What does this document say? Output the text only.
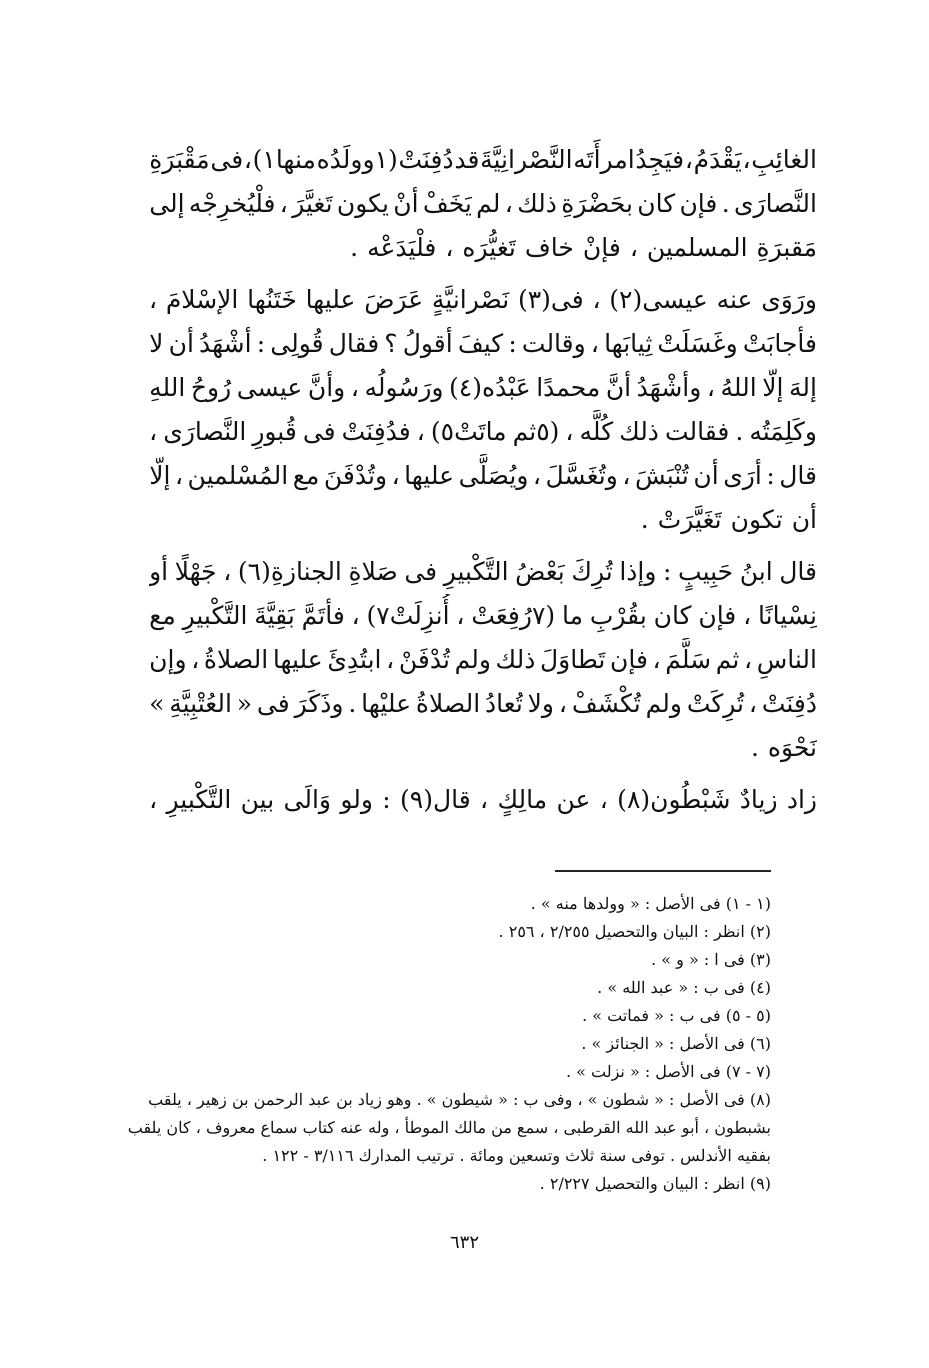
الغائِبِ
،
يَقْدَمُ
،
فيَجِدُ
امرأَتَه
النَّصْرانِيَّةَ
قد
دُفِنَتْ
(١وولَدُه
منها١)
،
فى
مَقْبَرَةِ
النَّصارَى
.
فإن
كان
بحَضْرَةِ
ذلك
،
لم
يَخَفْ
أنْ
يكون
تَغيَّرَ
،
فلْيُخرِجْه
إلى
مَقبرَةِ
المسلمين
،
فإنْ
خاف
تَغيُّرَه
،
فلْيَدَعْه
.
ورَوَى
عنه
عيسى(٢)
،
فى(٣)
نَصْرانيَّةٍ
عَرَضَ
عليها
خَتَنُها
الإسْلامَ
،
فأجابَتْ
وغَسَلَتْ
ثِيابَها
،
وقالت
:
كيفَ
أقولُ
؟
فقال
قُولِى
:
أشْهَدُ
أن
لا
إلهَ
إلّا
اللهُ
،
وأشْهَدُ
أنَّ
محمدًا
عَبْدُه(٤)
ورَسُولُه
،
وأنَّ
عيسى
رُوحُ
اللهِ
وكَلِمَتُه
.
فقالت
ذلك
كُلَّه
،
(٥ثم
ماتَتْ٥)
،
فدُفِنَتْ
فى
قُبورِ
النَّصارَى
،
قال
:
أرَى
أن
تُنْبَشَ
،
وتُغَسَّلَ
،
ويُصَلَّى
عليها
،
وتُدْفَنَ
مع
المُسْلمين
،
إلّا
أن
تكون
تَغَيَّرَتْ
.
قال
ابنُ
حَبِيبٍ
:
وإذا
تُرِكَ
بَعْضُ
التَّكْبيرِ
فى
صَلاةِ
الجنازةِ(٦)
،
جَهْلًا
أو
نِسْيانًا
،
فإن
كان
بقُرْبِ
ما
(٧رُفِعَتْ
،
أُنزِلَتْ٧)
،
فأتَمَّ
بَقِيَّةَ
التَّكْبيرِ
مع
الناسِ
،
ثم
سَلَّمَ
،
فإن
تَطاوَلَ
ذلك
ولم
تُدْفَنْ
،
ابتُدِئَ
عليها
الصلاةُ
،
وإن
دُفِنَتْ
،
تُرِكَتْ
ولم
تُكْشَفْ
،
ولا
تُعادُ
الصلاةُ
عليْها
.
وذَكَرَ
فى
«
العُتْبِيَّةِ
»
نَحْوَه
.
زاد
زيادٌ
شَبْطُون(٨)
،
عن
مالِكٍ
،
قال(٩)
:
ولو
وَالَى
بين
التَّكْبيرِ
،
(١ - ١) فى الأصل : « وولدها منه » .
(٢) انظر : البيان والتحصيل ٢/٢٥٥ ، ٢٥٦ .
(٣) فى ا : « و » .
(٤) فى ب : « عبد الله » .
(٥ - ٥) فى ب : « فماتت » .
(٦) فى الأصل : « الجنائز » .
(٧ - ٧) فى الأصل : « نزلت » .
(٨) فى الأصل : « شطون » ، وفى ب : « شيطون » . وهو زياد بن عبد الرحمن بن زهير ، يلقب
بشبطون ، أبو عبد الله القرطبى ، سمع من مالك الموطأ ، وله عنه كتاب سماع معروف ، كان يلقب
بفقيه الأندلس . توفى سنة ثلاث وتسعين ومائة . ترتيب المدارك ٣/١١٦ - ١٢٢ .
(٩) انظر : البيان والتحصيل ٢/٢٢٧ .
٦٣٢
